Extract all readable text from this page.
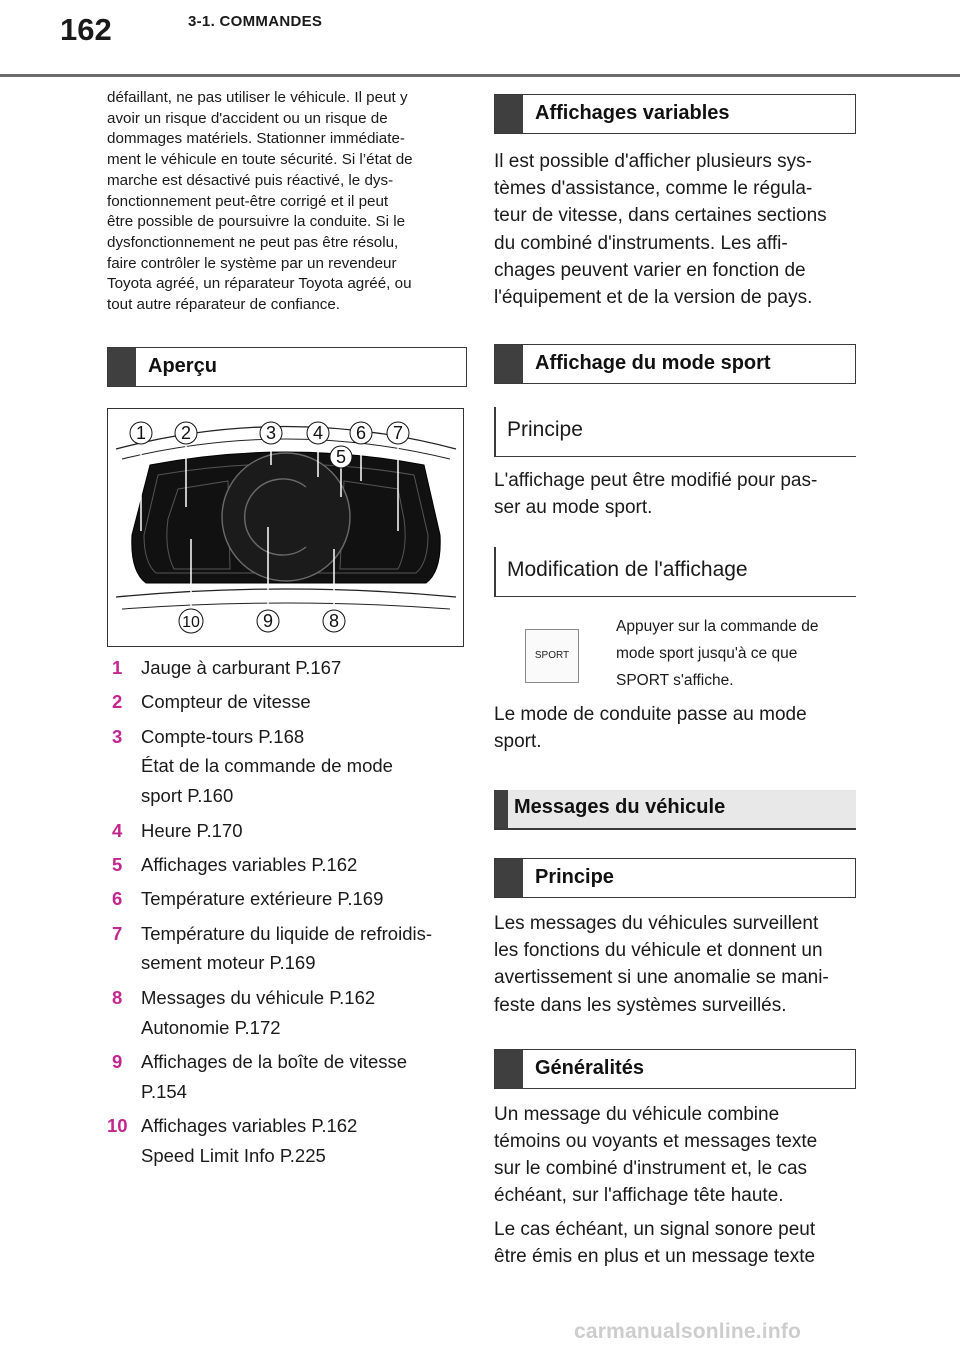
162	3-1. COMMANDES

défaillant, ne pas utiliser le véhicule. Il peut y
avoir un risque d'accident ou un risque de
dommages matériels. Stationner immédiate-
ment le véhicule en toute sécurité. Si l’état de
marche est désactivé puis réactivé, le dys-
fonctionnement peut-être corrigé et il peut
être possible de poursuivre la conduite. Si le
dysfonctionnement ne peut pas être résolu,
faire contrôler le système par un revendeur
Toyota agréé, un réparateur Toyota agréé, ou
tout autre réparateur de confiance.

Aperçu
1 2	3 4
5
6 7
8
9
10
1 Jauge à carburant P.167
2 Compteur de vitesse
3 Compte-tours P.168
État de la commande de mode
sport P.160
4 Heure P.170
5 Affichages variables P.162
6 Température extérieure P.169
7 Température du liquide de refroidis-
sement moteur P.169
8 Messages du véhicule P.162
Autonomie P.172
9 Affichages de la boîte de vitesse
P.154
10 Affichages variables P.162
Speed Limit Info P.225
Affichages variables

Il est possible d'afficher plusieurs sys-
tèmes d'assistance, comme le régula-
teur de vitesse, dans certaines sections
du combiné d'instruments. Les affi-
chages peuvent varier en fonction de
l'équipement et de la version de pays.

Affichage du mode sport
Principe

L'affichage peut être modifié pour pas-
ser au mode sport.

Modification de l'affichage
SPORT

Appuyer sur la commande de
mode sport jusqu'à ce que
SPORT s'affiche.

Le mode de conduite passe au mode
sport.

Messages du véhicule
Principe

Les messages du véhicules surveillent
les fonctions du véhicule et donnent un
avertissement si une anomalie se mani-
feste dans les systèmes surveillés.

Généralités

Un message du véhicule combine
témoins ou voyants et messages texte
sur le combiné d'instrument et, le cas
échéant, sur l'affichage tête haute.

Le cas échéant, un signal sonore peut
être émis en plus et un message texte

carmanualsonline.info
